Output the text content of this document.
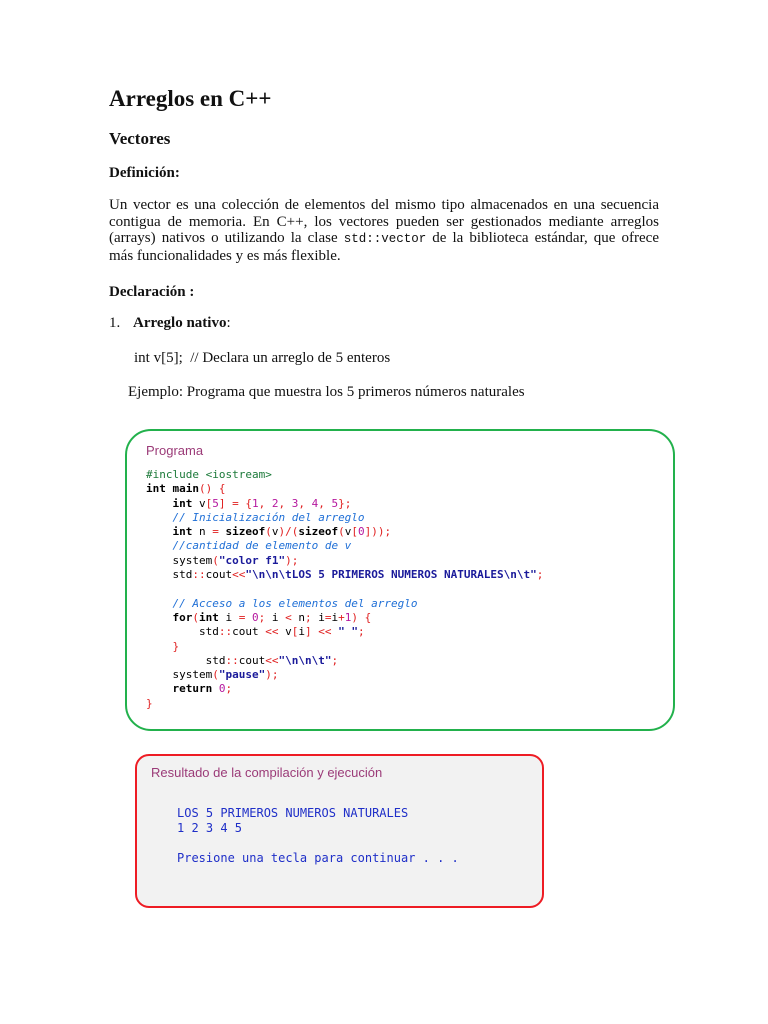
Arreglos en C++
Vectores
Definición:

Un vector es una colección de elementos del mismo tipo almacenados en una secuencia contigua de memoria. En C++, los vectores pueden ser gestionados mediante arreglos (arrays) nativos o utilizando la clase std::vector de la biblioteca estándar, que ofrece más funcionalidades y es más flexible.

Declaración :
1. Arreglo nativo:
int v[5];  // Declara un arreglo de 5 enteros
Ejemplo: Programa que muestra los 5 primeros números naturales
Programa
#include <iostream>
int main() {
int v[5] = {1, 2, 3, 4, 5};
// Inicialización del arreglo
int n = sizeof(v)/(sizeof(v[0]));
//cantidad de elemento de v
system("color f1");
std::cout<<"\n\n\tLOS 5 PRIMEROS NUMEROS NATURALES\n\t";

// Acceso a los elementos del arreglo
for(int i = 0; i < n; i=i+1) {
std::cout << v[i] << " ";
}
std::cout<<"\n\n\t";
system("pause");
return 0;
}
Resultado de la compilación y ejecución
LOS 5 PRIMEROS NUMEROS NATURALES
1 2 3 4 5
Presione una tecla para continuar . . .
